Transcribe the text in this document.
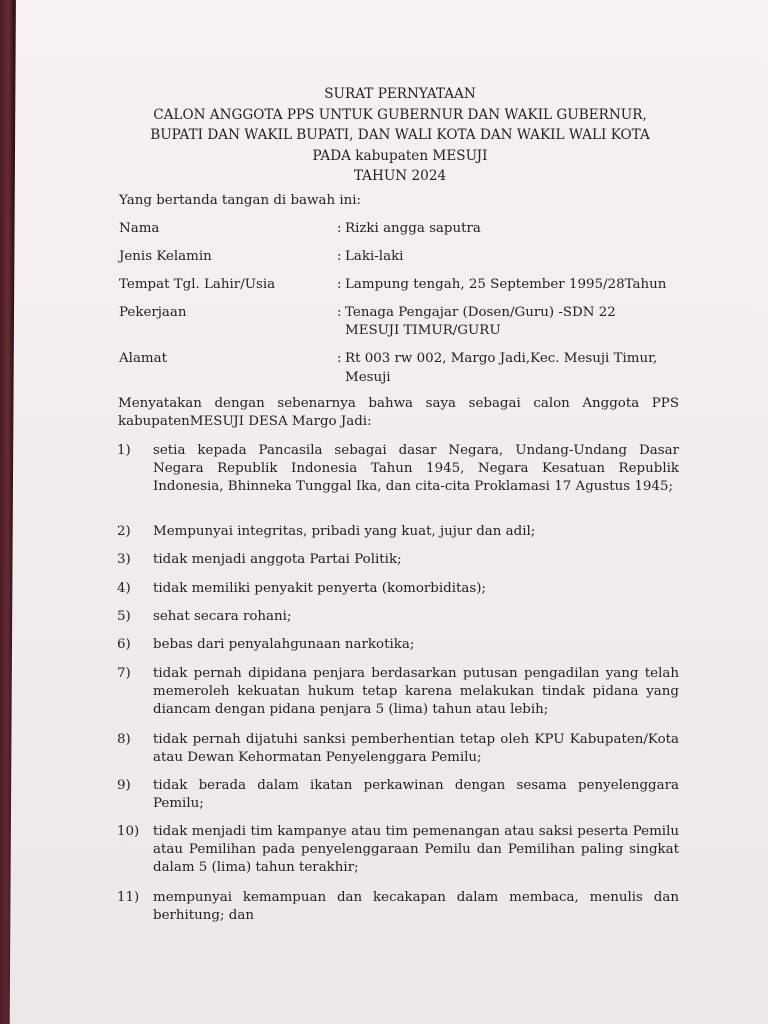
SURAT PERNYATAAN
CALON ANGGOTA PPS UNTUK GUBERNUR DAN WAKIL GUBERNUR,
BUPATI DAN WAKIL BUPATI, DAN WALI KOTA DAN WAKIL WALI KOTA
PADA kabupaten MESUJI
TAHUN 2024
Yang bertanda tangan di bawah ini:
Nama	: Rizki angga saputra
Jenis Kelamin	: Laki-laki
Tempat Tgl. Lahir/Usia	: Lampung tengah, 25 September 1995/28Tahun
Pekerjaan	: Tenaga Pengajar (Dosen/Guru) -SDN 22
MESUJI TIMUR/GURU
Alamat	: Rt 003 rw 002, Margo Jadi,Kec. Mesuji Timur,
Mesuji
Menyatakan dengan sebenarnya bahwa saya sebagai calon Anggota PPS kabupatenMESUJI DESA Margo Jadi:
1) setia kepada Pancasila sebagai dasar Negara, Undang-Undang Dasar Negara Republik Indonesia Tahun 1945, Negara Kesatuan Republik Indonesia, Bhinneka Tunggal Ika, dan cita-cita Proklamasi 17 Agustus 1945;
2) Mempunyai integritas, pribadi yang kuat, jujur dan adil;
3) tidak menjadi anggota Partai Politik;
4) tidak memiliki penyakit penyerta (komorbiditas);
5) sehat secara rohani;
6) bebas dari penyalahgunaan narkotika;
7) tidak pernah dipidana penjara berdasarkan putusan pengadilan yang telah memeroleh kekuatan hukum tetap karena melakukan tindak pidana yang diancam dengan pidana penjara 5 (lima) tahun atau lebih;
8) tidak pernah dijatuhi sanksi pemberhentian tetap oleh KPU Kabupaten/Kota atau Dewan Kehormatan Penyelenggara Pemilu;
9) tidak berada dalam ikatan perkawinan dengan sesama penyelenggara Pemilu;
10) tidak menjadi tim kampanye atau tim pemenangan atau saksi peserta Pemilu atau Pemilihan pada penyelenggaraan Pemilu dan Pemilihan paling singkat dalam 5 (lima) tahun terakhir;
11) mempunyai kemampuan dan kecakapan dalam membaca, menulis dan berhitung; dan
